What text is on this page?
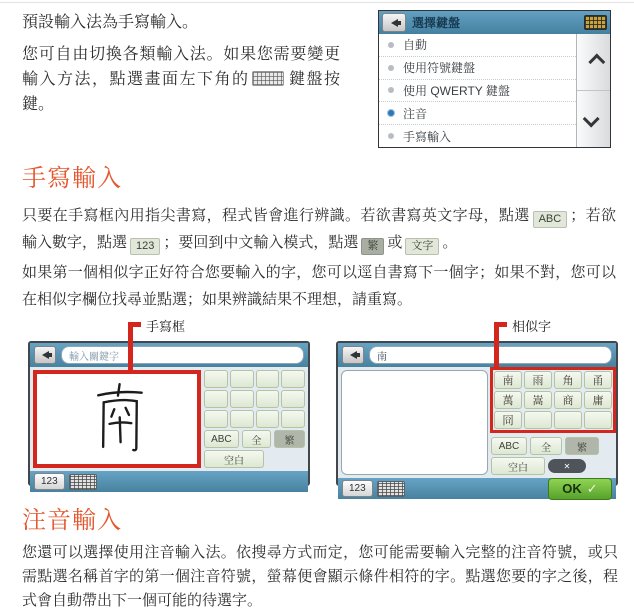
預設輸入法為手寫輸入。
您可自由切換各類輸入法。如果您需要變更輸入方法，點選畫面左下角的 鍵盤按鍵。
選擇鍵盤
自動
使用符號鍵盤
使用 QWERTY 鍵盤
注音
手寫輸入
手寫輸入
只要在手寫框內用指尖書寫，程式皆會進行辨識。若欲書寫英文字母，點選 ABC ；若欲輸入數字，點選 123 ；要回到中文輸入模式，點選 繁 或 文字 。
如果第一個相似字正好符合您要輸入的字，您可以逕自書寫下一個字；如果不對，您可以在相似字欄位找尋並點選；如果辨識結果不理想，請重寫。
手寫框	相似字
輸入關鍵字
ABC	全	繁
空白
123
南
南	雨	角	甬
萬	嵩	商	庸
冏
ABC	全	繁
空白	✕
123	OK ✓
注音輸入
您還可以選擇使用注音輸入法。依搜尋方式而定，您可能需要輸入完整的注音符號，或只需點選名稱首字的第一個注音符號，螢幕便會顯示條件相符的字。點選您要的字之後，程式會自動帶出下一個可能的待選字。
